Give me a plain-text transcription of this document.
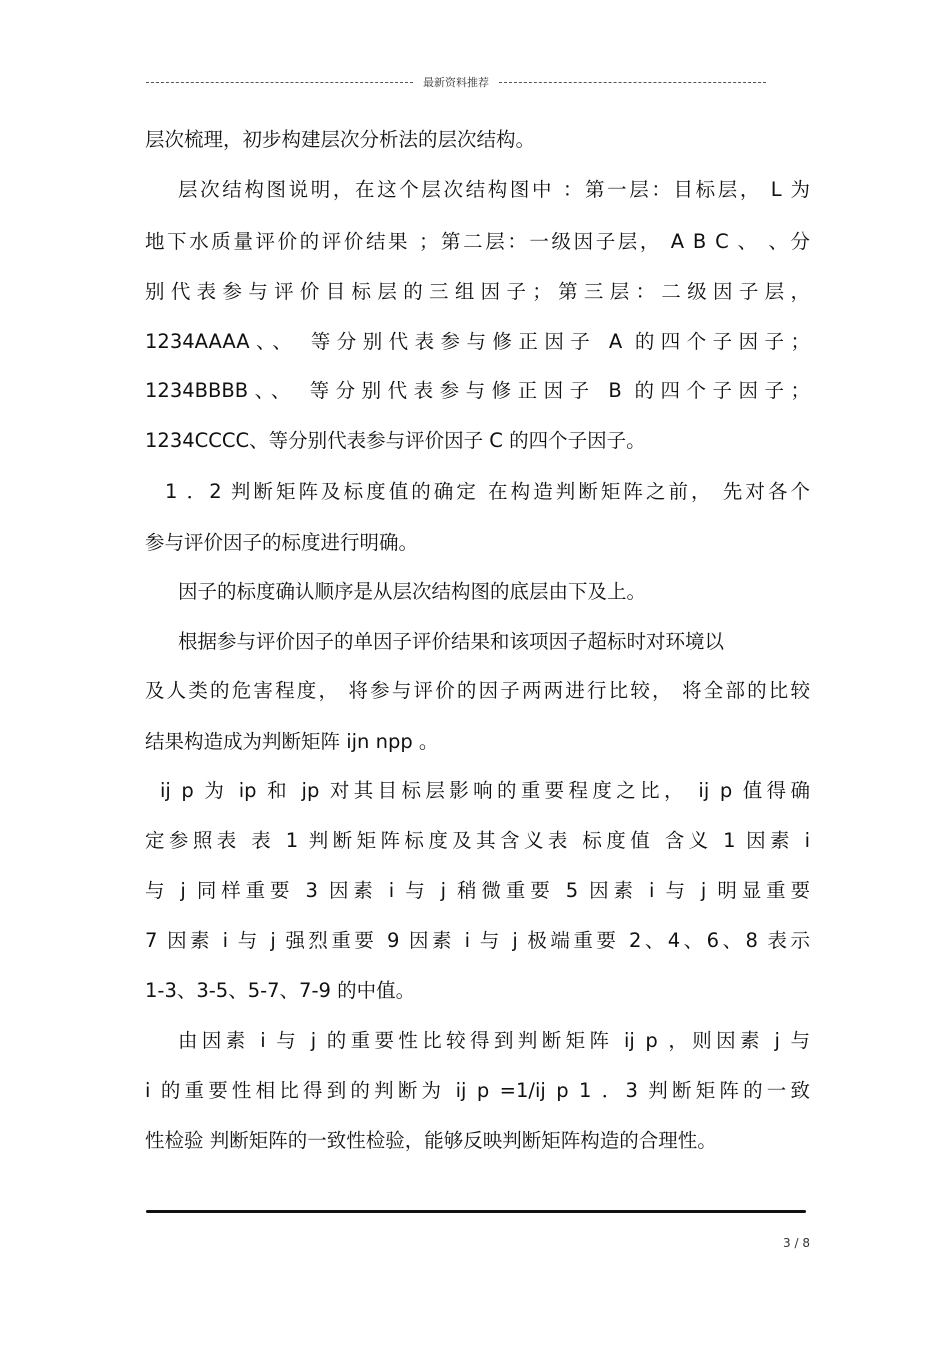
最新资料推荐
层次梳理，初步构建层次分析法的层次结构。
层次结构图说明，在这个层次结构图中 ：第一层：目标层， L 为
地下水质量评价的评价结果 ；第二层：一级因子层， A B C 、 、分
别代表参与评价目标层的三组因子；第三层：二级因子层，
1234AAAA、、 等分别代表参与修正因子 A 的四个子因子；
1234BBBB、、 等分别代表参与修正因子 B 的四个子因子；
1234CCCC、等分别代表参与评价因子 C 的四个子因子。
1 ．2 判断矩阵及标度值的确定 在构造判断矩阵之前， 先对各个
参与评价因子的标度进行明确。
因子的标度确认顺序是从层次结构图的底层由下及上。
根据参与评价因子的单因子评价结果和该项因子超标时对环境以
及人类的危害程度， 将参与评价的因子两两进行比较， 将全部的比较
结果构造成为判断矩阵 ijn npp 。
ij p 为 ip 和 jp 对其目标层影响的重要程度之比， ij p 值得确
定参照表 表 1 判断矩阵标度及其含义表 标度值 含义 1 因素 i
与 j 同样重要 3 因素 i 与 j 稍微重要 5 因素 i 与 j 明显重要
7 因素 i 与 j 强烈重要 9 因素 i 与 j 极端重要 2、4、6、8 表示
1-3、3-5、5-7、7-9 的中值。
由因素 i 与 j 的重要性比较得到判断矩阵 ij p ，则因素 j 与
i 的重要性相比得到的判断为 ij p =1/ij p 1 ．3 判断矩阵的一致
性检验 判断矩阵的一致性检验，能够反映判断矩阵构造的合理性。
3 / 8
